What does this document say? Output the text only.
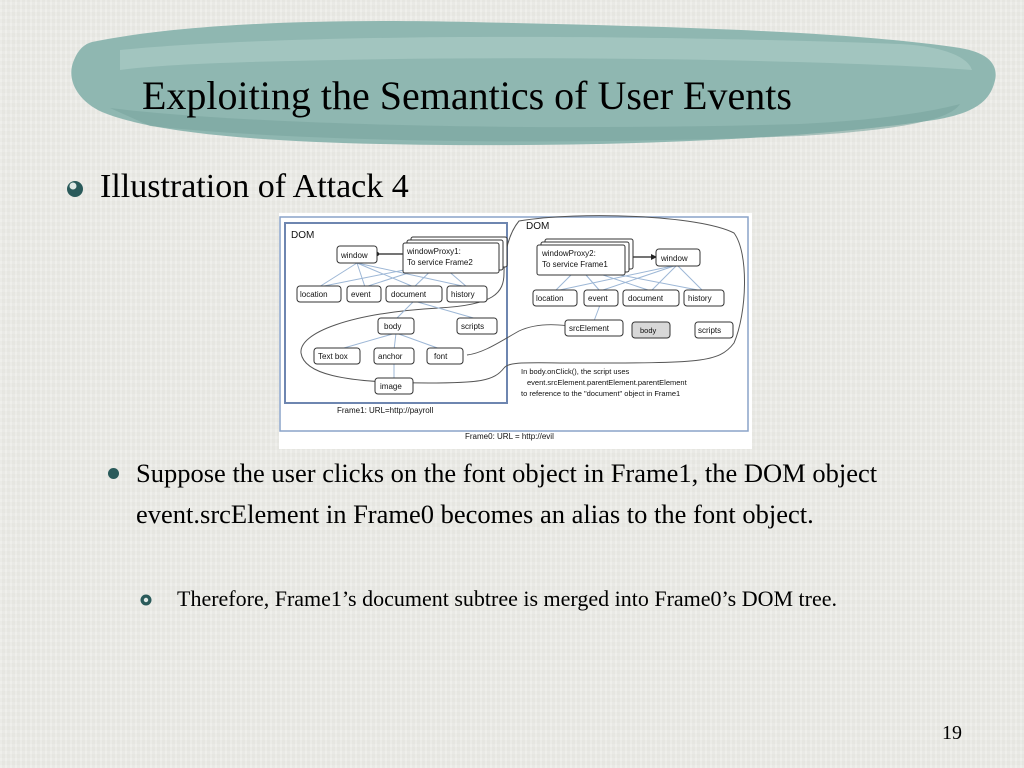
Exploiting the Semantics of User Events
Illustration of Attack 4
DOM
DOM
window	windowProxy1:
To service Frame2
location	event	document	history
body	scripts
Text box	anchor	font
image
Frame1: URL=http://payroll
windowProxy2:
To service Frame1
window
location	event	document	history
srcElement	body	scripts
In body.onClick(), the script uses
event.srcElement.parentElement.parentElement
to reference to the "document" object in Frame1
Frame0: URL = http://evil
Suppose the user clicks on the font object in Frame1, the DOM object event.srcElement in Frame0 becomes an alias to the font object.
Therefore, Frame1’s document subtree is merged into Frame0’s DOM tree.
19
